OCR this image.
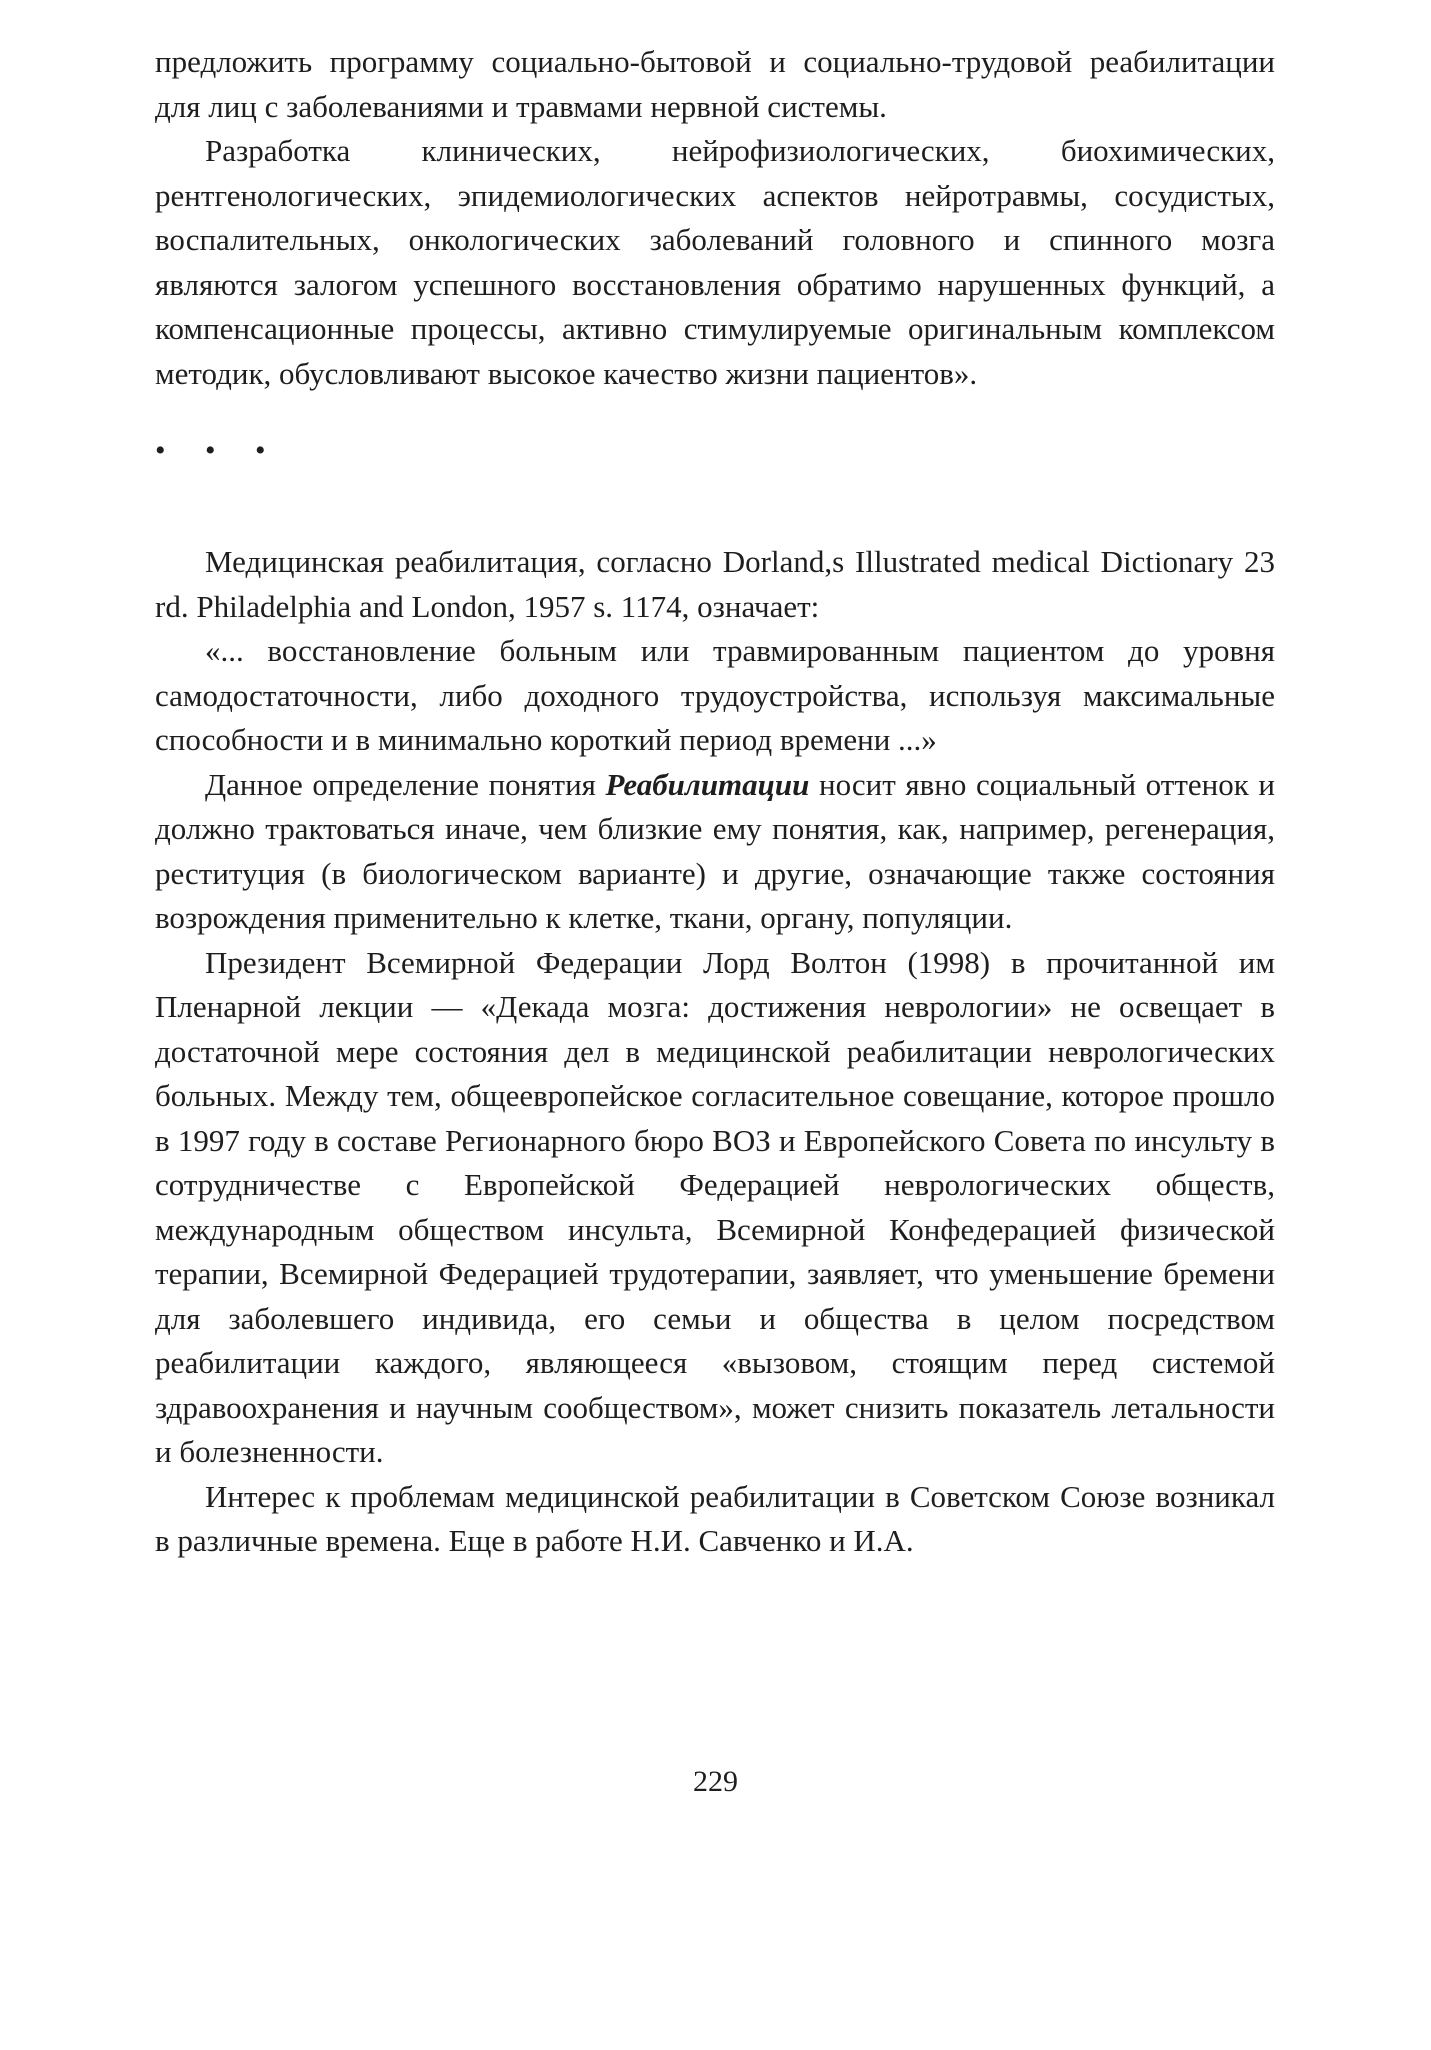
предложить программу социально-бытовой и социально-трудовой реабилитации для лиц с заболеваниями и травмами нервной системы.

Разработка клинических, нейрофизиологических, биохимических, рентгенологических, эпидемиологических аспектов нейротравмы, сосудистых, воспалительных, онкологических заболеваний головного и спинного мозга являются залогом успешного восстановления обратимо нарушенных функций, а компенсационные процессы, активно стимулируемые оригинальным комплексом методик, обусловливают высокое качество жизни пациентов».

• • •

Медицинская реабилитация, согласно Dorland,s Illustrated medical Dictionary 23 rd. Philadelphia and London, 1957 s. 1174, означает:

«... восстановление больным или травмированным пациентом до уровня самодостаточности, либо доходного трудоустройства, используя максимальные способности и в минимально короткий период времени ...»

Данное определение понятия Реабилитации носит явно социальный оттенок и должно трактоваться иначе, чем близкие ему понятия, как, например, регенерация, реституция (в биологическом варианте) и другие, означающие также состояния возрождения применительно к клетке, ткани, органу, популяции.

Президент Всемирной Федерации Лорд Волтон (1998) в прочитанной им Пленарной лекции — «Декада мозга: достижения неврологии» не освещает в достаточной мере состояния дел в медицинской реабилитации неврологических больных. Между тем, общеевропейское согласительное совещание, которое прошло в 1997 году в составе Регионарного бюро ВОЗ и Европейского Совета по инсульту в сотрудничестве с Европейской Федерацией неврологических обществ, международным обществом инсульта, Всемирной Конфедерацией физической терапии, Всемирной Федерацией трудотерапии, заявляет, что уменьшение бремени для заболевшего индивида, его семьи и общества в целом посредством реабилитации каждого, являющееся «вызовом, стоящим перед системой здравоохранения и научным сообществом», может снизить показатель летальности и болезненности.

Интерес к проблемам медицинской реабилитации в Советском Союзе возникал в различные времена. Еще в работе Н.И. Савченко и И.А.

229
